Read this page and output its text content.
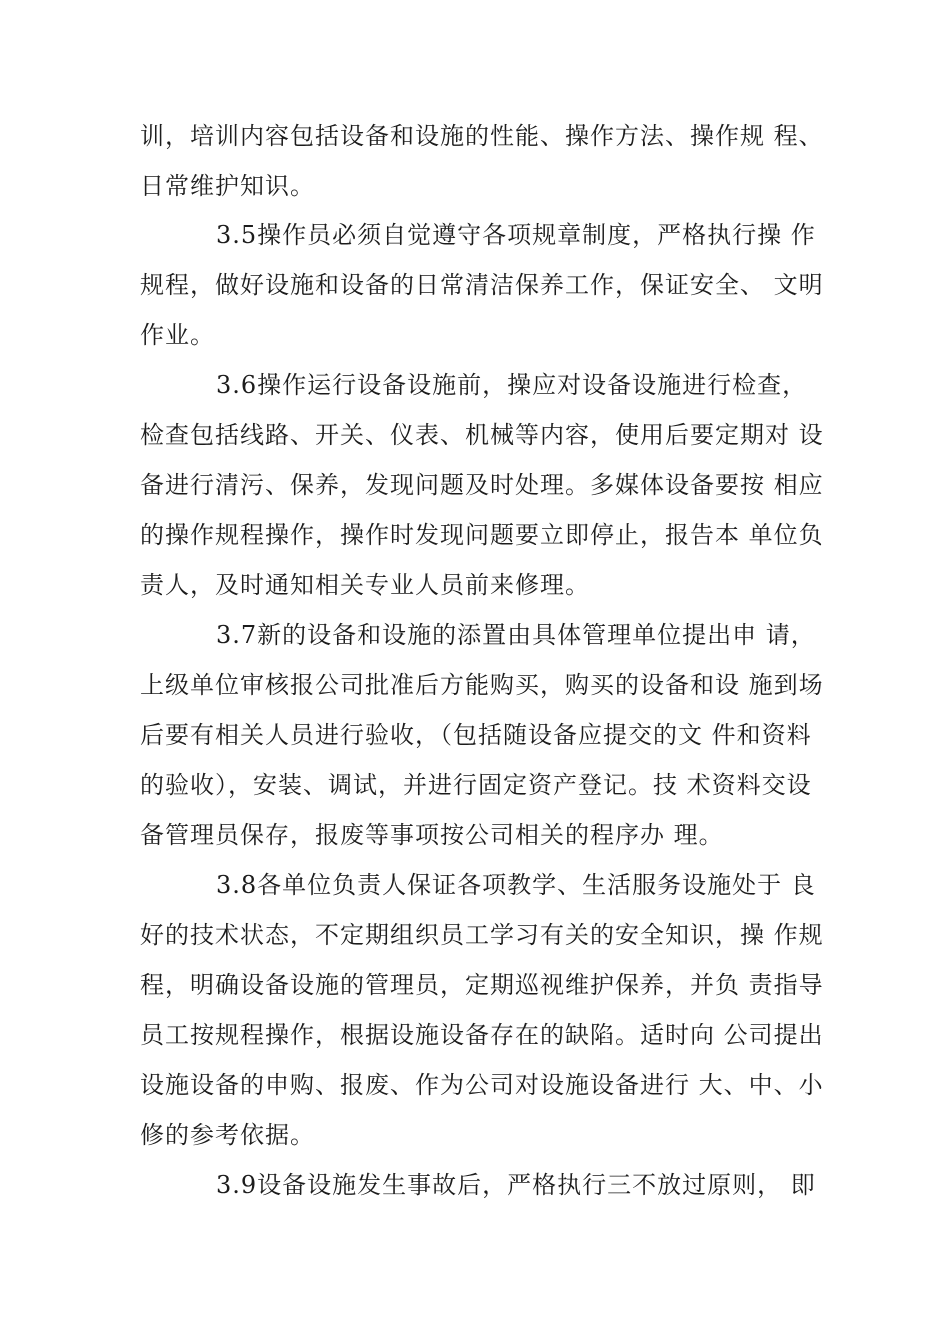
训，培训内容包括设备和设施的性能、操作方法、操作规 程、
日常维护知识。
3.5操作员必须自觉遵守各项规章制度，严格执行操 作
规程，做好设施和设备的日常清洁保养工作，保证安全、 文明
作业。
3.6操作运行设备设施前，操应对设备设施进行检查，
检查包括线路、开关、仪表、机械等内容，使用后要定期对 设
备进行清污、保养，发现问题及时处理。多媒体设备要按 相应
的操作规程操作，操作时发现问题要立即停止，报告本 单位负
责人，及时通知相关专业人员前来修理。
3.7新的设备和设施的添置由具体管理单位提出申 请，
上级单位审核报公司批准后方能购买，购买的设备和设 施到场
后要有相关人员进行验收，（包括随设备应提交的文 件和资料
的验收），安装、调试，并进行固定资产登记。技 术资料交设
备管理员保存，报废等事项按公司相关的程序办 理。
3.8各单位负责人保证各项教学、生活服务设施处于 良
好的技术状态，不定期组织员工学习有关的安全知识，操 作规
程，明确设备设施的管理员，定期巡视维护保养，并负 责指导
员工按规程操作，根据设施设备存在的缺陷。适时向 公司提出
设施设备的申购、报废、作为公司对设施设备进行 大、中、小
修的参考依据。
3.9设备设施发生事故后，严格执行三不放过原则， 即
